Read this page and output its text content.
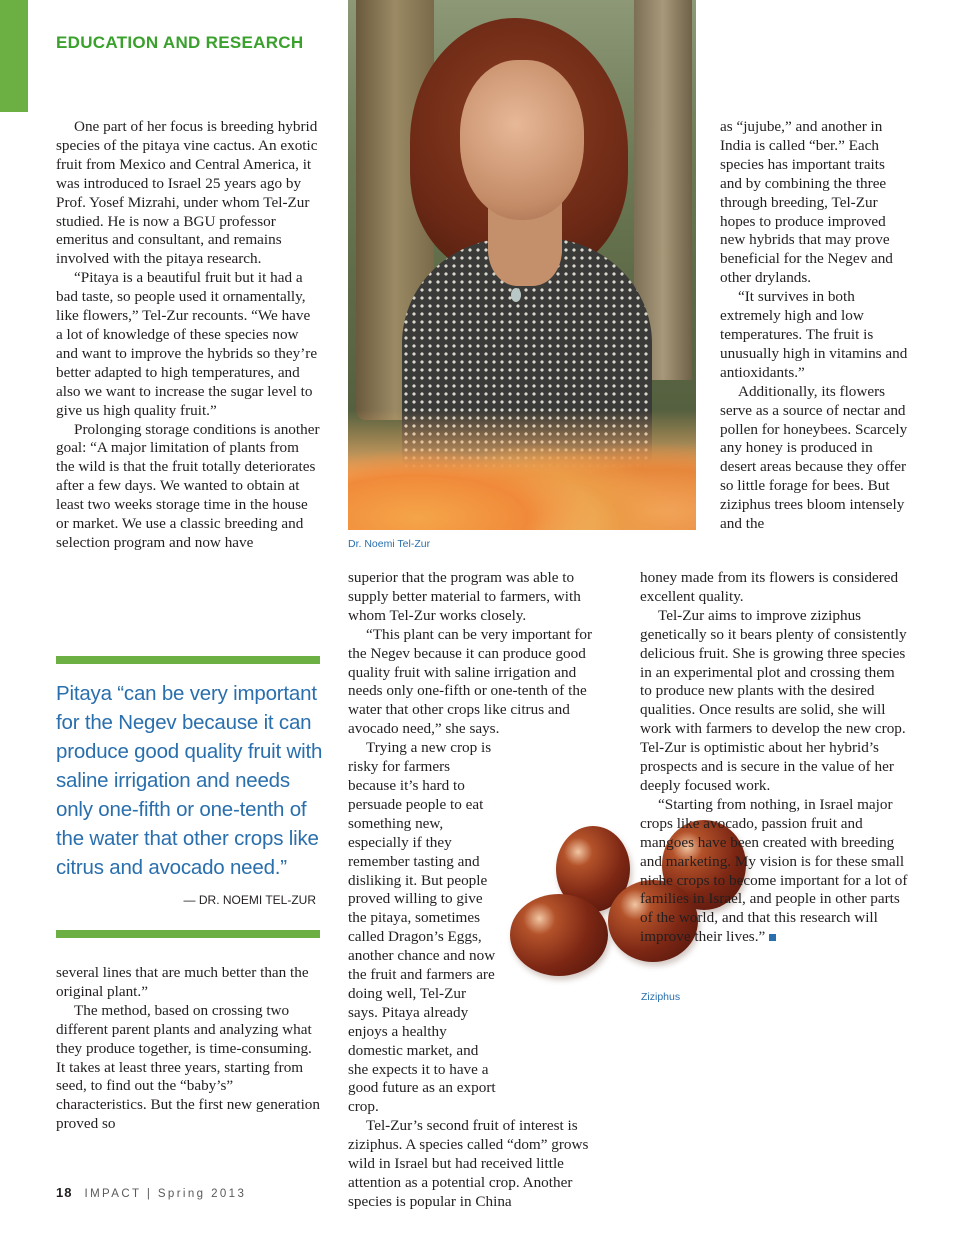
EDUCATION AND RESEARCH

One part of her focus is breeding hybrid species of the pitaya vine cactus. An exotic fruit from Mexico and Central America, it was introduced to Israel 25 years ago by Prof. Yosef Mizrahi, under whom Tel-Zur studied. He is now a BGU professor emeritus and consultant, and remains involved with the pitaya research.

“Pitaya is a beautiful fruit but it had a bad taste, so people used it ornamentally, like flowers,” Tel-Zur recounts. “We have a lot of knowledge of these species now and want to improve the hybrids so they’re better adapted to high temperatures, and also we want to increase the sugar level to give us high quality fruit.”

Prolonging storage conditions is another goal: “A major limitation of plants from the wild is that the fruit totally deteriorates after a few days. We wanted to obtain at least two weeks storage time in the house or market. We use a classic breeding and selection program and now have

Pitaya “can be very important for the Negev because it can produce good quality fruit with saline irrigation and needs only one-fifth or one-tenth of the water that other crops like citrus and avocado need.”
— DR. NOEMI TEL-ZUR

several lines that are much better than the original plant.”

The method, based on crossing two different parent plants and analyzing what they produce together, is time-consuming. It takes at least three years, starting from seed, to find out the “baby’s” characteristics. But the first new generation proved so

Dr. Noemi Tel-Zur

superior that the program was able to supply better material to farmers, with whom Tel-Zur works closely.

“This plant can be very important for the Negev because it can produce good quality fruit with saline irrigation and needs only one-fifth or one-tenth of the water that other crops like citrus and avocado need,” she says.

Trying a new crop is risky for farmers because it’s hard to persuade people to eat something new, especially if they remember tasting and disliking it. But people proved willing to give the pitaya, sometimes called Dragon’s Eggs, another chance and now the fruit and farmers are doing well, Tel-Zur says. Pitaya already enjoys a healthy domestic market, and she expects it to have a good future as an export crop.

Tel-Zur’s second fruit of interest is ziziphus. A species called “dom” grows wild in Israel but had received little attention as a potential crop. Another species is popular in China

Ziziphus

as “jujube,” and another in India is called “ber.” Each species has important traits and by combining the three through breeding, Tel-Zur hopes to produce improved new hybrids that may prove beneficial for the Negev and other drylands.

“It survives in both extremely high and low temperatures. The fruit is unusually high in vitamins and antioxidants.”

Additionally, its flowers serve as a source of nectar and pollen for honeybees. Scarcely any honey is produced in desert areas because they offer so little forage for bees. But ziziphus trees bloom intensely and the

honey made from its flowers is considered excellent quality.

Tel-Zur aims to improve ziziphus genetically so it bears plenty of consistently delicious fruit. She is growing three species in an experimental plot and crossing them to produce new plants with the desired qualities. Once results are solid, she will work with farmers to develop the new crop. Tel-Zur is optimistic about her hybrid’s prospects and is secure in the value of her deeply focused work.

“Starting from nothing, in Israel major crops like avocado, passion fruit and mangoes have been created with breeding and marketing. My vision is for these small niche crops to become important for a lot of families in Israel, and people in other parts of the world, and that this research will improve their lives.”

18 IMPACT | Spring 2013
